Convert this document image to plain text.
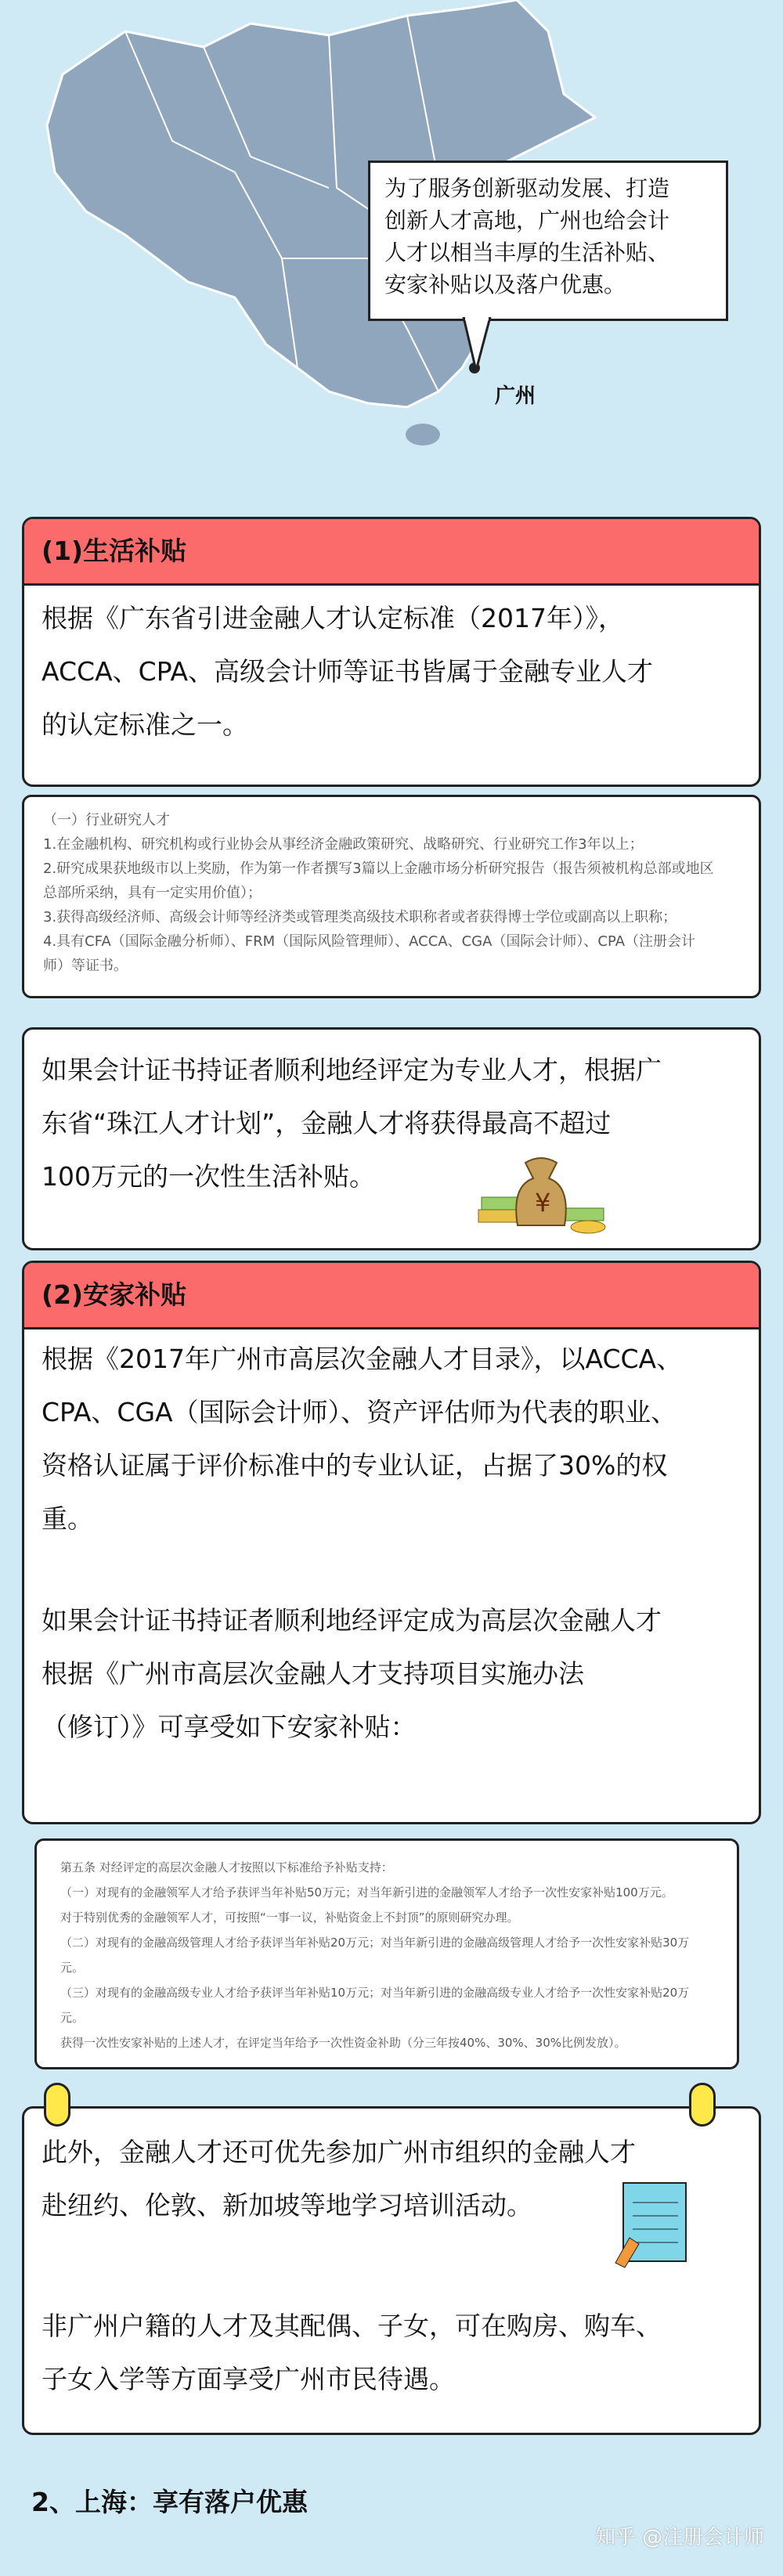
为了服务创新驱动发展、打造
创新人才高地，广州也给会计
人才以相当丰厚的生活补贴、
安家补贴以及落户优惠。
广州
(1)生活补贴
根据《广东省引进金融人才认定标准（2017年）》，
ACCA、CPA、高级会计师等证书皆属于金融专业人才
的认定标准之一。
（一）行业研究人才
1.在金融机构、研究机构或行业协会从事经济金融政策研究、战略研究、行业研究工作3年以上；
2.研究成果获地级市以上奖励，作为第一作者撰写3篇以上金融市场分析研究报告（报告须被机构总部或地区
总部所采纳，具有一定实用价值）；
3.获得高级经济师、高级会计师等经济类或管理类高级技术职称者或者获得博士学位或副高以上职称；
4.具有CFA（国际金融分析师）、FRM（国际风险管理师）、ACCA、CGA（国际会计师）、CPA（注册会计
师）等证书。
如果会计证书持证者顺利地经评定为专业人才，根据广
东省“珠江人才计划”，金融人才将获得最高不超过
100万元的一次性生活补贴。
¥
(2)安家补贴
根据《2017年广州市高层次金融人才目录》，以ACCA、
CPA、CGA（国际会计师）、资产评估师为代表的职业、
资格认证属于评价标准中的专业认证，占据了30%的权
重。
如果会计证书持证者顺利地经评定成为高层次金融人才
根据《广州市高层次金融人才支持项目实施办法
（修订）》可享受如下安家补贴：
第五条 对经评定的高层次金融人才按照以下标准给予补贴支持：
（一）对现有的金融领军人才给予获评当年补贴50万元；对当年新引进的金融领军人才给予一次性安家补贴100万元。
对于特别优秀的金融领军人才，可按照“一事一议，补贴资金上不封顶”的原则研究办理。
（二）对现有的金融高级管理人才给予获评当年补贴20万元；对当年新引进的金融高级管理人才给予一次性安家补贴30万
元。
（三）对现有的金融高级专业人才给予获评当年补贴10万元；对当年新引进的金融高级专业人才给予一次性安家补贴20万
元。
获得一次性安家补贴的上述人才，在评定当年给予一次性资金补助（分三年按40%、30%、30%比例发放）。
此外，金融人才还可优先参加广州市组织的金融人才
赴纽约、伦敦、新加坡等地学习培训活动。
非广州户籍的人才及其配偶、子女，可在购房、购车、
子女入学等方面享受广州市民待遇。
2、上海：享有落户优惠
知乎 @注册会计师
